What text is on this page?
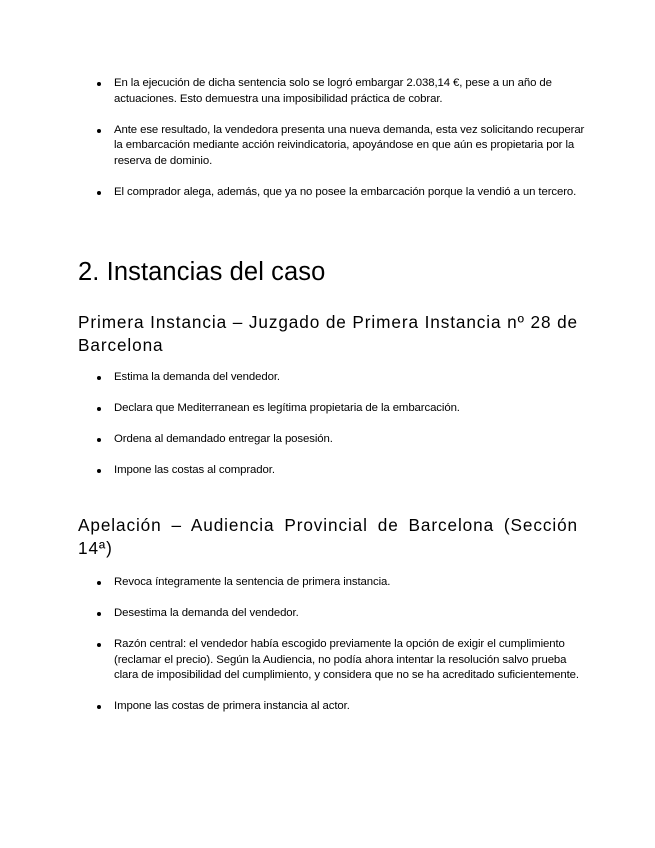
En la ejecución de dicha sentencia solo se logró embargar 2.038,14 €, pese a un año de actuaciones. Esto demuestra una imposibilidad práctica de cobrar.
Ante ese resultado, la vendedora presenta una nueva demanda, esta vez solicitando recuperar la embarcación mediante acción reivindicatoria, apoyándose en que aún es propietaria por la reserva de dominio.
El comprador alega, además, que ya no posee la embarcación porque la vendió a un tercero.
2. Instancias del caso
Primera Instancia – Juzgado de Primera Instancia nº 28 de Barcelona
Estima la demanda del vendedor.
Declara que Mediterranean es legítima propietaria de la embarcación.
Ordena al demandado entregar la posesión.
Impone las costas al comprador.
Apelación – Audiencia Provincial de Barcelona (Sección 14ª)
Revoca íntegramente la sentencia de primera instancia.
Desestima la demanda del vendedor.
Razón central: el vendedor había escogido previamente la opción de exigir el cumplimiento (reclamar el precio). Según la Audiencia, no podía ahora intentar la resolución salvo prueba clara de imposibilidad del cumplimiento, y considera que no se ha acreditado suficientemente.
Impone las costas de primera instancia al actor.
